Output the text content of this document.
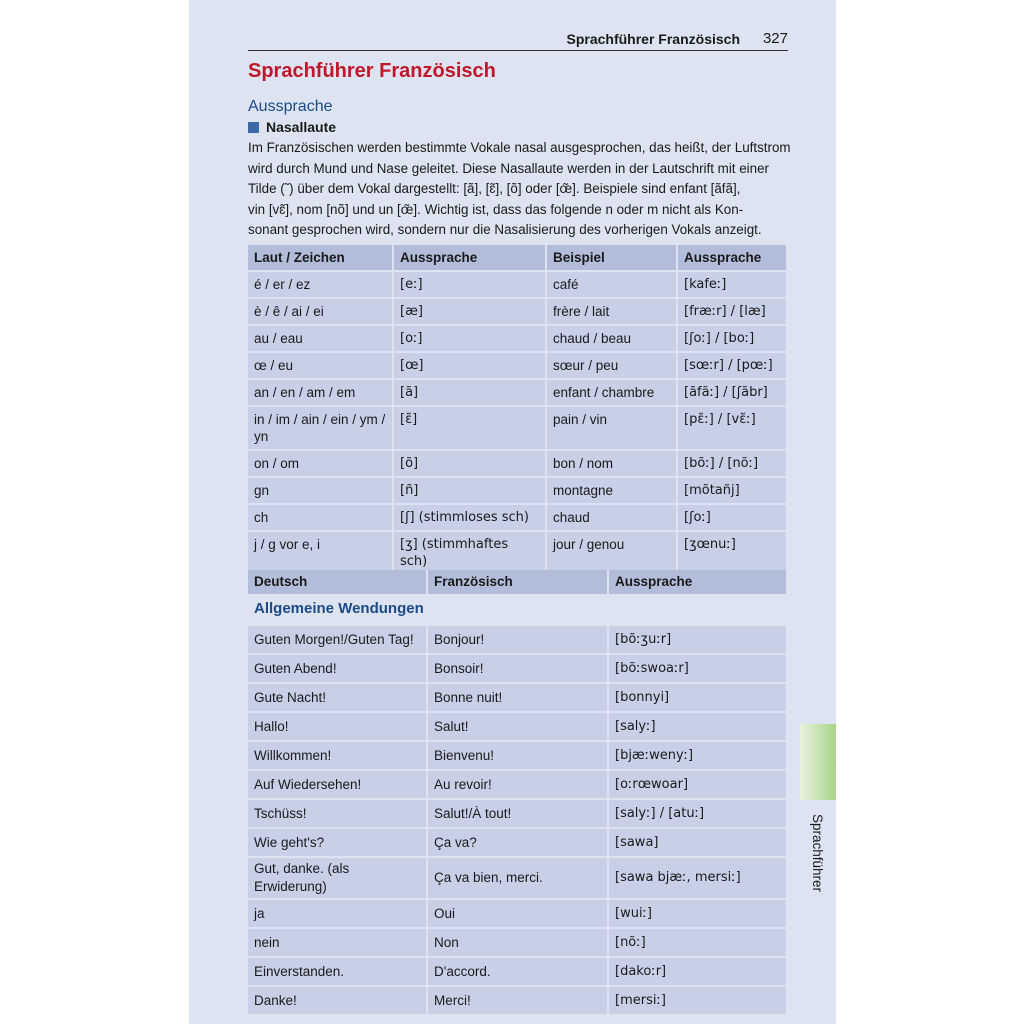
Sprachführer Französisch 327
Sprachführer Französisch
Aussprache
Nasallaute

Im Französischen werden bestimmte Vokale nasal ausgesprochen, das heißt, der Luftstrom

wird durch Mund und Nase geleitet. Diese Nasallaute werden in der Lautschrift mit einer

Tilde (˜) über dem Vokal dargestellt: [ã], [ɛ̃], [õ] oder [œ̃]. Beispiele sind enfant [ãfã],

vin [vɛ̃], nom [nõ] und un [œ̃]. Wichtig ist, dass das folgende n oder m nicht als Kon-

sonant gesprochen wird, sondern nur die Nasalisierung des vorherigen Vokals anzeigt.

Laut / Zeichen	Aussprache	Beispiel	Aussprache
é / er / ez	[eː]	café	[kafeː]
è / ê / ai / ei	[æ]	frère / lait	[fræːr] / [læ]
au / eau	[oː]	chaud / beau	[ʃoː] / [boː]
œ / eu	[œ]	sœur / peu	[sœːr] / [pœː]
an / en / am / em	[ã]	enfant / chambre	[ãfãː] / [ʃãbr]
in / im / ain / ein / ym / yn	[ɛ̃]	pain / vin	[pɛ̃ː] / [vɛ̃ː]
on / om	[õ]	bon / nom	[bõː] / [nõː]
gn	[ñ]	montagne	[mõtañj]
ch	[ʃ] (stimmloses sch)	chaud	[ʃoː]
j / g vor e, i	[ʒ] (stimmhaftes sch)	jour / genou	[ʒœnuː]
Deutsch	Französisch	Aussprache
Allgemeine Wendungen		
Guten Morgen!/Guten Tag!	Bonjour!	[bõːʒuːr]
Guten Abend!	Bonsoir!	[bõːswoaːr]
Gute Nacht!	Bonne nuit!	[bonnyi]
Hallo!	Salut!	[salyː]
Willkommen!	Bienvenu!	[bjæːwenyː]
Auf Wiedersehen!	Au revoir!	[oːrœwoar]
Tschüss!	Salut!/À tout!	[salyː] / [atuː]
Wie geht's?	Ça va?	[sawa]
Gut, danke. (als Erwiderung)	Ça va bien, merci.	[sawa bjæː, mersiː]
ja	Oui	[wuiː]
nein	Non	[nõː]
Einverstanden.	D'accord.	[dakoːr]
Danke!	Merci!	[mersiː]
Sprachführer
